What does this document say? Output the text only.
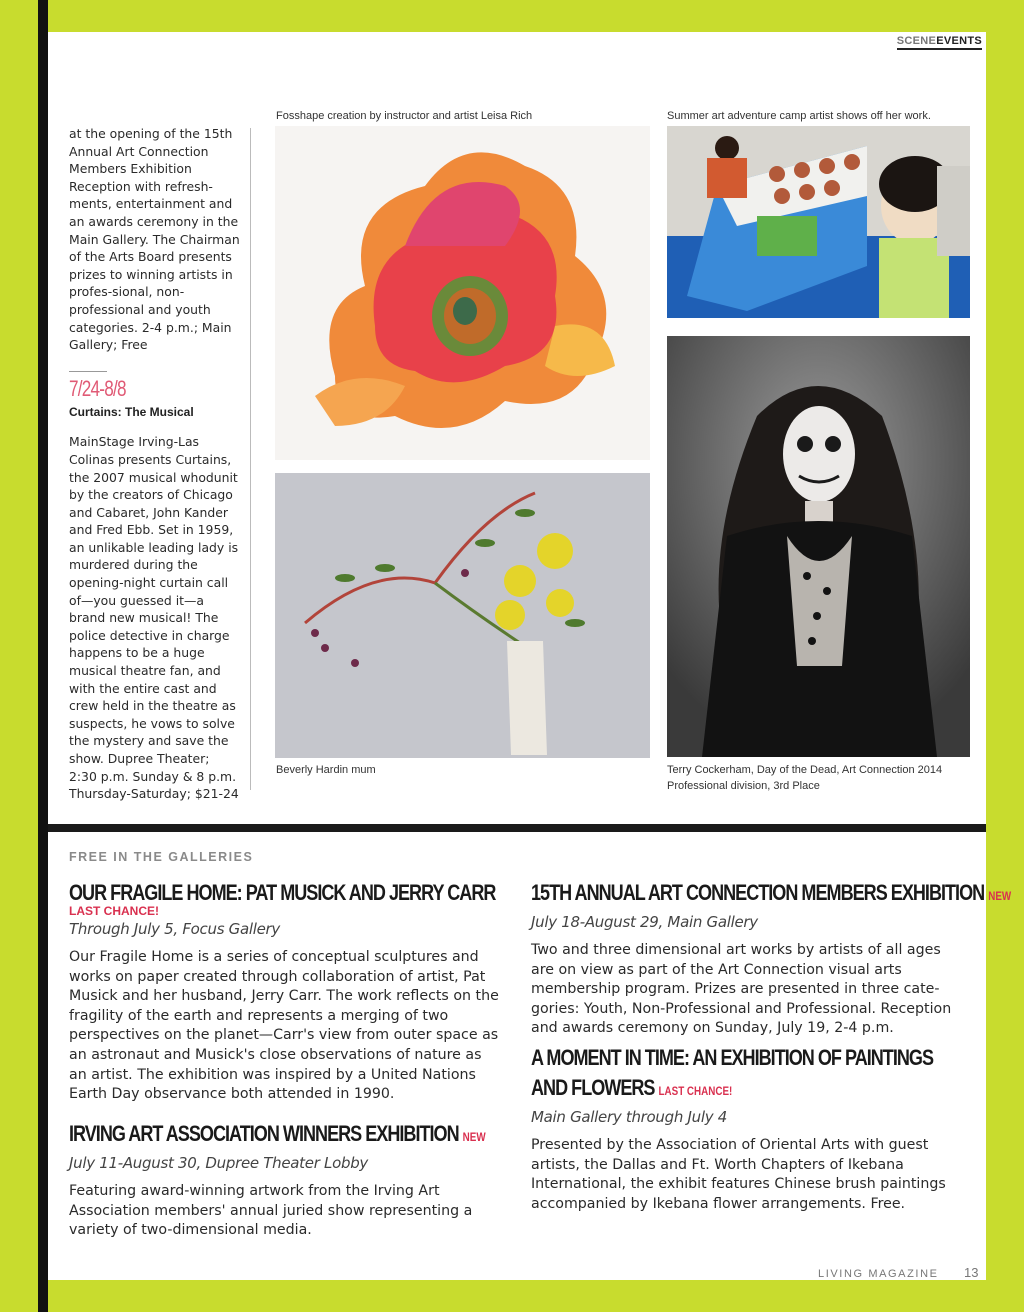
SCENEEVENTS

at the opening of the 15th Annual Art Connection Members Exhibition Reception with refresh-ments, entertainment and an awards ceremony in the Main Gallery. The Chairman of the Arts Board presents prizes to winning artists in profes-sional, non-professional and youth categories. 2-4 p.m.; Main Gallery; Free

7/24-8/8
Curtains: The Musical

MainStage Irving-Las Colinas presents Curtains, the 2007 musical whodunit by the creators of Chicago and Cabaret, John Kander and Fred Ebb. Set in 1959, an unlikable leading lady is murdered during the opening-night curtain call of—you guessed it—a brand new musical! The police detective in charge happens to be a huge musical theatre fan, and with the entire cast and crew held in the theatre as suspects, he vows to solve the mystery and save the show. Dupree Theater; 2:30 p.m. Sunday & 8 p.m. Thursday-Saturday; $21-24

Fosshape creation by instructor and artist Leisa Rich	Summer art adventure camp artist shows off her work.
Beverly Hardin mum	Terry Cockerham, Day of the Dead, Art Connection 2014
Professional division, 3rd Place
FREE IN THE GALLERIES
OUR FRAGILE HOME: PAT MUSICK AND JERRY CARR
LAST CHANCE!
Through July 5, Focus Gallery

Our Fragile Home is a series of conceptual sculptures and works on paper created through collaboration of artist, Pat Musick and her husband, Jerry Carr. The work reflects on the fragility of the earth and represents a merging of two perspectives on the planet—Carr's view from outer space as an astronaut and Musick's close observations of nature as an artist. The exhibition was inspired by a United Nations Earth Day observance both attended in 1990.

IRVING ART ASSOCIATION WINNERS EXHIBITION NEW
July 11-August 30, Dupree Theater Lobby

Featuring award-winning artwork from the Irving Art Association members' annual juried show representing a variety of two-dimensional media.

15TH ANNUAL ART CONNECTION MEMBERS EXHIBITION NEW
July 18-August 29, Main Gallery

Two and three dimensional art works by artists of all ages are on view as part of the Art Connection visual arts membership program. Prizes are presented in three cate-gories: Youth, Non-Professional and Professional. Reception and awards ceremony on Sunday, July 19, 2-4 p.m.

A MOMENT IN TIME: AN EXHIBITION OF PAINTINGS
AND FLOWERS LAST CHANCE!
Main Gallery through July 4

Presented by the Association of Oriental Arts with guest artists, the Dallas and Ft. Worth Chapters of Ikebana International, the exhibit features Chinese brush paintings accompanied by Ikebana flower arrangements. Free.

LIVING MAGAZINE 13
